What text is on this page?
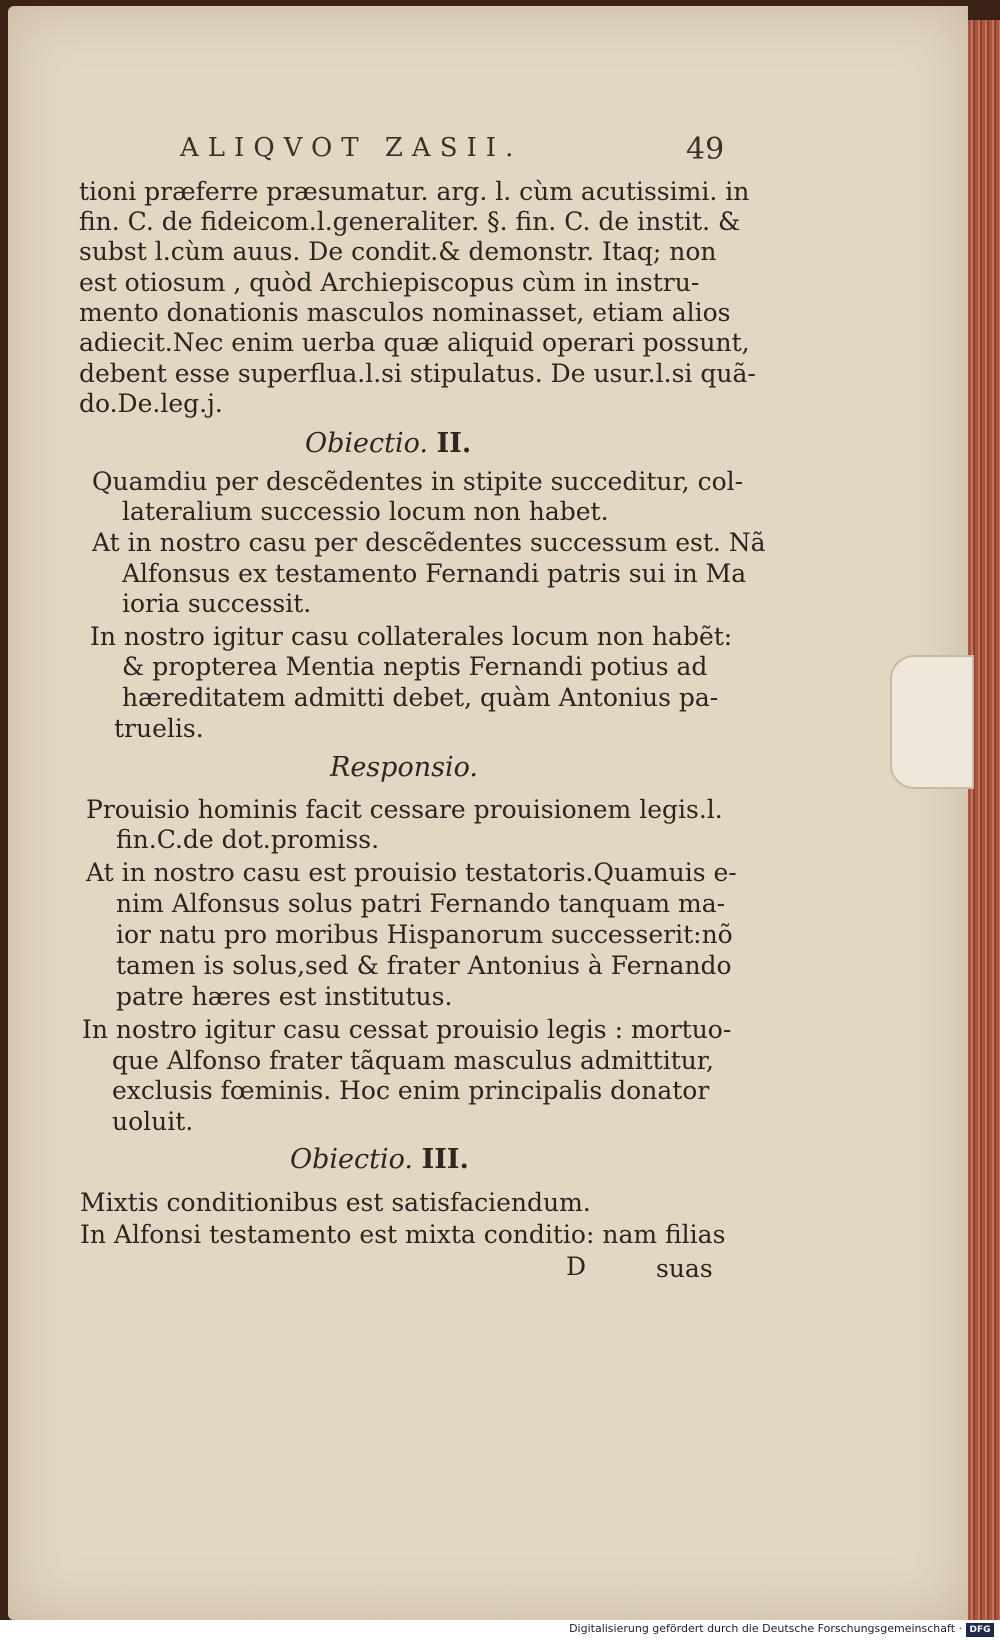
ALIQVOT ZASII.	49
tioni præferre præsumatur. arg. l. cùm acutissimi. in
fin. C. de fideicom.l.generaliter. §. fin. C. de instit. &
subst l.cùm auus. De condit.& demonstr. Itaq; non
est otiosum , quòd Archiepiscopus cùm in instru-
mento donationis masculos nominasset, etiam alios
adiecit.Nec enim uerba quæ aliquid operari possunt,
debent esse superflua.l.si stipulatus. De usur.l.si quã-
do.De.leg.j.
Obiectio. II.
Quamdiu per descẽdentes in stipite succeditur, col-
lateralium successio locum non habet.
At in nostro casu per descẽdentes successum est. Nã
Alfonsus ex testamento Fernandi patris sui in Ma
ioria successit.
In nostro igitur casu collaterales locum non habẽt:
& propterea Mentia neptis Fernandi potius ad
hæreditatem admitti debet, quàm Antonius pa-
truelis.
Responsio.
Prouisio hominis facit cessare prouisionem legis.l.
fin.C.de dot.promiss.
At in nostro casu est prouisio testatoris.Quamuis e-
nim Alfonsus solus patri Fernando tanquam ma-
ior natu pro moribus Hispanorum successerit:nõ
tamen is solus,sed & frater Antonius à Fernando
patre hæres est institutus.
In nostro igitur casu cessat prouisio legis : mortuo-
que Alfonso frater tãquam masculus admittitur,
exclusis fœminis. Hoc enim principalis donator
uoluit.
Obiectio. III.
Mixtis conditionibus est satisfaciendum.
In Alfonsi testamento est mixta conditio: nam filias
D	suas
Digitalisierung gefördert durch die Deutsche Forschungsgemeinschaft · DFG
